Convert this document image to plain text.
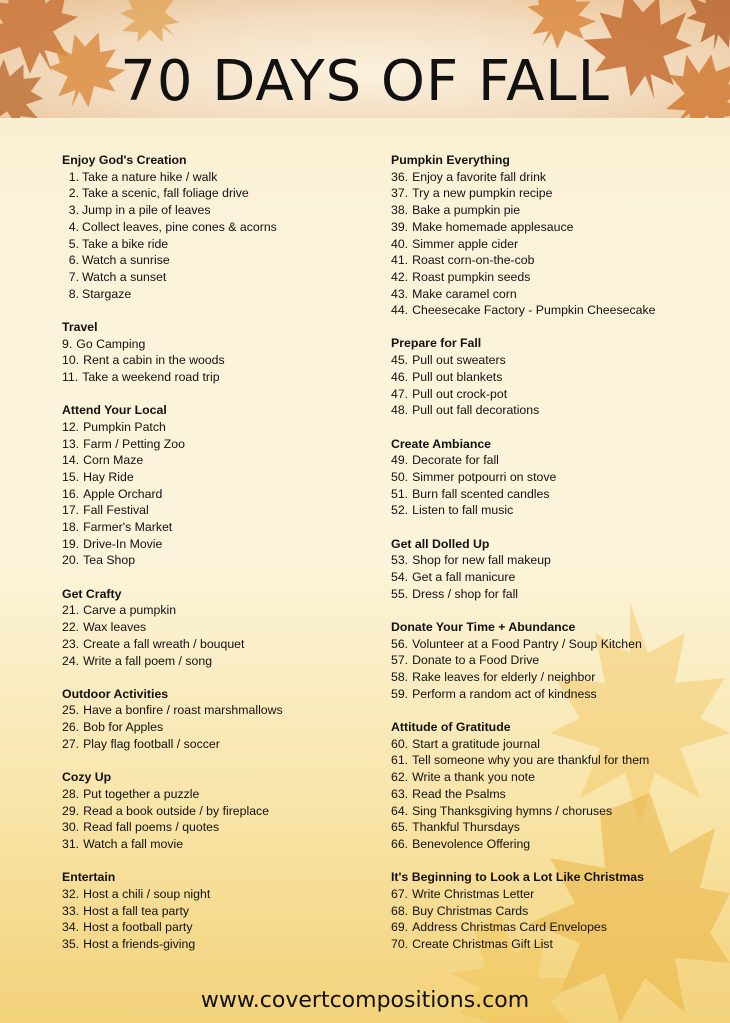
70 DAYS OF FALL
Enjoy God's Creation
1. Take a nature hike / walk
2. Take a scenic, fall foliage drive
3. Jump in a pile of leaves
4. Collect leaves, pine cones & acorns
5. Take a bike ride
6. Watch a sunrise
7. Watch a sunset
8. Stargaze
Travel
9. Go Camping
10. Rent a cabin in the woods
11. Take a weekend road trip
Attend Your Local
12. Pumpkin Patch
13. Farm / Petting Zoo
14. Corn Maze
15. Hay Ride
16. Apple Orchard
17. Fall Festival
18. Farmer's Market
19. Drive-In Movie
20. Tea Shop
Get Crafty
21. Carve a pumpkin
22. Wax leaves
23. Create a fall wreath / bouquet
24. Write a fall poem / song
Outdoor Activities
25. Have a bonfire / roast marshmallows
26. Bob for Apples
27. Play flag football / soccer
Cozy Up
28. Put together a puzzle
29. Read a book outside / by fireplace
30. Read fall poems / quotes
31. Watch a fall movie
Entertain
32. Host a chili / soup night
33. Host a fall tea party
34. Host a football party
35. Host a friends-giving
Pumpkin Everything
36. Enjoy a favorite fall drink
37. Try a new pumpkin recipe
38. Bake a pumpkin pie
39. Make homemade applesauce
40. Simmer apple cider
41. Roast corn-on-the-cob
42. Roast pumpkin seeds
43. Make caramel corn
44. Cheesecake Factory - Pumpkin Cheesecake
Prepare for Fall
45. Pull out sweaters
46. Pull out blankets
47. Pull out crock-pot
48. Pull out fall decorations
Create Ambiance
49. Decorate for fall
50. Simmer potpourri on stove
51. Burn fall scented candles
52. Listen to fall music
Get all Dolled Up
53. Shop for new fall makeup
54. Get a fall manicure
55. Dress / shop for fall
Donate Your Time + Abundance
56. Volunteer at a Food Pantry / Soup Kitchen
57. Donate to a Food Drive
58. Rake leaves for elderly / neighbor
59. Perform a random act of kindness
Attitude of Gratitude
60. Start a gratitude journal
61. Tell someone why you are thankful for them
62. Write a thank you note
63. Read the Psalms
64. Sing Thanksgiving hymns / choruses
65. Thankful Thursdays
66. Benevolence Offering
It's Beginning to Look a Lot Like Christmas
67. Write Christmas Letter
68. Buy Christmas Cards
69. Address Christmas Card Envelopes
70. Create Christmas Gift List
www.covertcompositions.com
